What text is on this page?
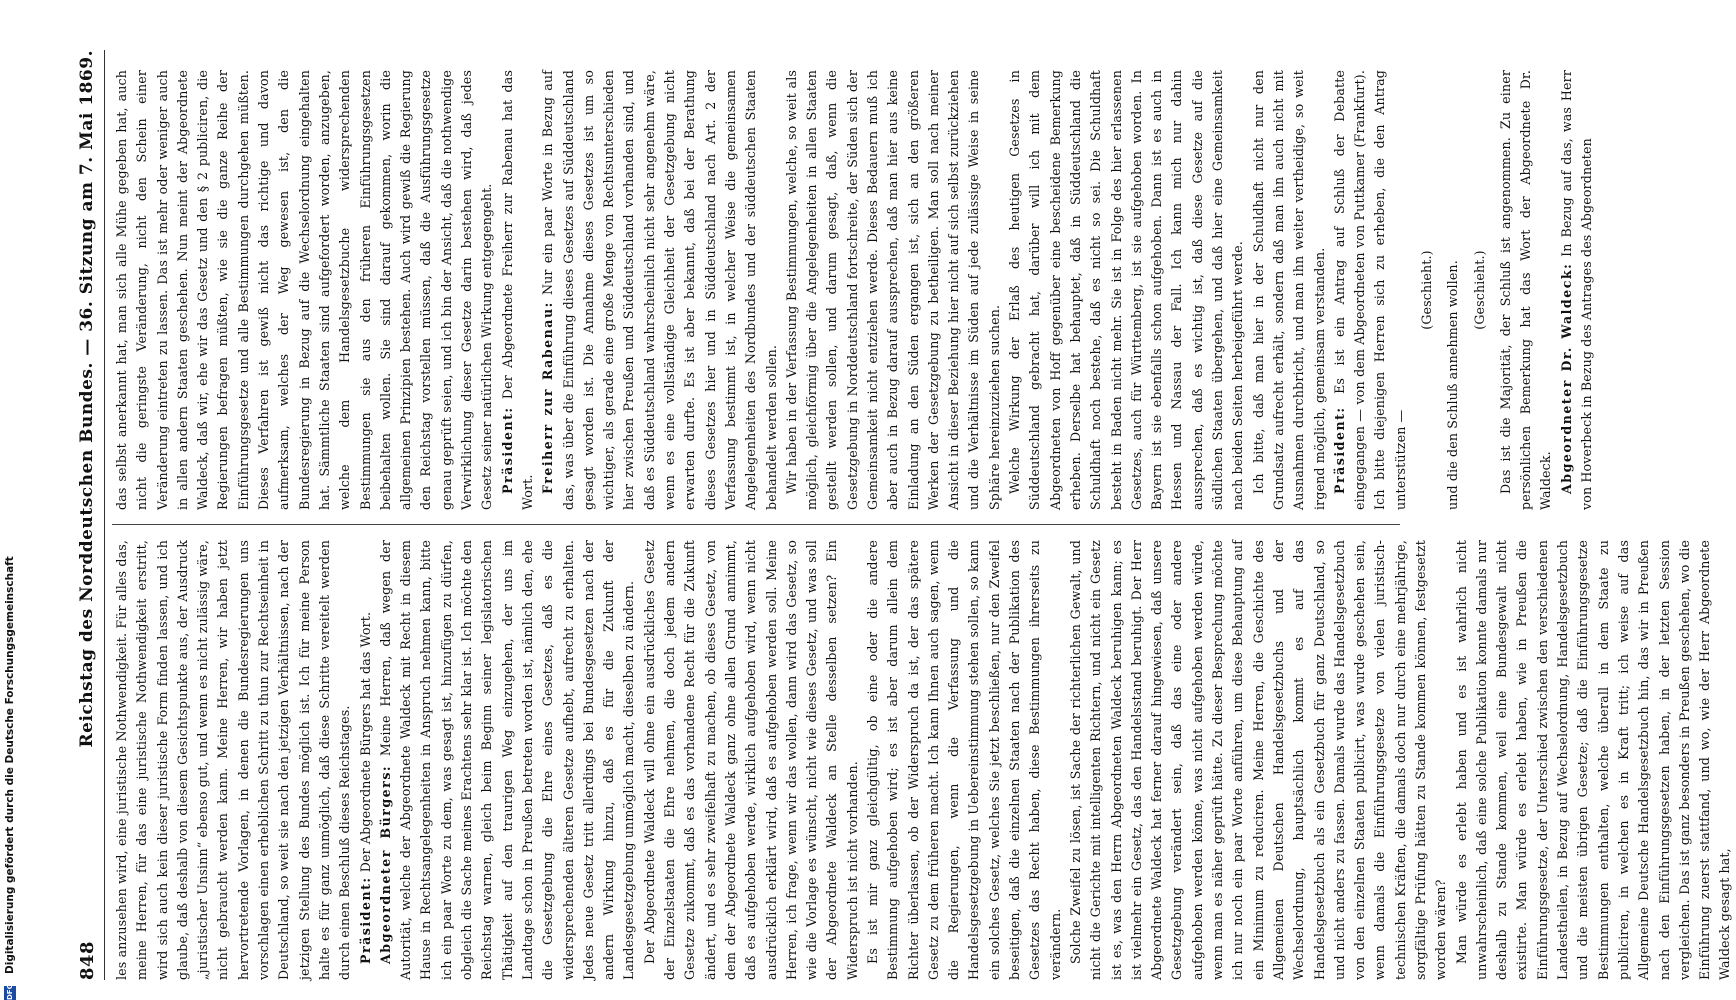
848
Reichstag des Norddeutschen Bundes. — 36. Sitzung am 7. Mai 1869.

les anzusehen wird, eine juristische Nothwendigkeit. Für alles das, meine Herren, für das eine juristische Nothwendigkeit erstritt, wird sich auch kein dieser juristische Form finden lassen, und ich glaube, daß deshalb von diesem Gesichtspunkte aus, der Ausdruck „juristischer Unsinn“ ebenso gut, und wenn es nicht zulässig wäre, nicht gebraucht werden kann. Meine Herren, wir haben jetzt hervortretende Vorlagen, in denen die Bundesregierungen uns vorschlagen einen erheblichen Schritt zu thun zur Rechtseinheit in Deutschland, so weit sie nach den jetzigen Verhältnissen, nach der jetzigen Stellung des Bundes möglich ist. Ich für meine Person halte es für ganz unmöglich, daß diese Schritte vereitelt werden durch einen Beschluß dieses Reichstages. Präsident: Der Abgeordnete Bürgers hat das Wort. Abgeordneter Bürgers: Meine Herren, daß wegen der Autorität, welche der Abgeordnete Waldeck mit Recht in diesem Hause in Rechtsangelegenheiten in Anspruch nehmen kann, bitte ich ein paar Worte zu dem, was gesagt ist, hinzufügen zu dürfen, obgleich die Sache meines Erachtens sehr klar ist. Ich möchte den Reichstag warnen, gleich beim Beginn seiner legislatorischen Thätigkeit auf den traurigen Weg einzugehen, der uns im Landtage schon in Preußen betreten worden ist, nämlich den, ehe die Gesetzgebung die Ehre eines Gesetzes, daß es die widersprechenden älteren Gesetze aufhebt, aufrecht zu erhalten. Jedes neue Gesetz tritt allerdings bei Bundesgesetzen nach der andern Wirkung hinzu, daß es für die Zukunft der Landesgesetzgebung unmöglich macht, dieselben zu ändern. Der Abgeordnete Waldeck will ohne ein ausdrückliches Gesetz der Einzelstaaten die Ehre nehmen, die doch jedem andern Gesetze zukommt, daß es das vorhandene Recht für die Zukunft ändert, und es sehr zweifelhaft zu machen, ob dieses Gesetz, von dem der Abgeordnete Waldeck ganz ohne allen Grund annimmt, daß es aufgehoben werde, wirklich aufgehoben wird, wenn nicht ausdrücklich erklärt wird, daß es aufgehoben werden soll. Meine Herren, ich frage, wenn wir das wollen, dann wird das Gesetz, so wie die Vorlage es wünscht, nicht wie dieses Gesetz, und was soll der Abgeordnete Waldeck an Stelle desselben setzen? Ein Widerspruch ist nicht vorhanden. Es ist mir ganz gleichgültig, ob eine oder die andere Bestimmung aufgehoben wird; es ist aber darum allein dem Richter überlassen, ob der Widerspruch da ist, der das spätere Gesetz zu dem früheren macht. Ich kann Ihnen auch sagen, wenn die Regierungen, wenn die Verfassung und die Handelsgesetzgebung in Uebereinstimmung stehen sollen, so kann ein solches Gesetz, welches Sie jetzt beschließen, nur den Zweifel beseitigen, daß die einzelnen Staaten nach der Publikation des Gesetzes das Recht haben, diese Bestimmungen ihrerseits zu verändern. Solche Zweifel zu lösen, ist Sache der richterlichen Gewalt, und nicht die Gerichte mit intelligenten Richtern, und nicht ein Gesetz ist es, was den Herrn Abgeordneten Waldeck beruhigen kann; es ist vielmehr ein Gesetz, das den Handelsstand beruhigt. Der Herr Abgeordnete Waldeck hat ferner darauf hingewiesen, daß unsere Gesetzgebung verändert sein, daß das eine oder andere aufgehoben werden könne, was nicht aufgehoben werden würde, wenn man es näher geprüft hätte. Zu dieser Besprechung möchte ich nur noch ein paar Worte anführen, um diese Behauptung auf ein Minimum zu reduciren. Meine Herren, die Geschichte des Allgemeinen Deutschen Handelsgesetzbuchs und der Wechselordnung, hauptsächlich kommt es auf das Handelsgesetzbuch als ein Gesetzbuch für ganz Deutschland, so und nicht anders zu fassen. Damals wurde das Handelsgesetzbuch von den einzelnen Staaten publicirt, was wurde geschehen sein, wenn damals die Einführungsgesetze von vielen juristisch-technischen Kräften, die damals doch nur durch eine mehrjährige, sorgfältige Prüfung hätten zu Stande kommen können, festgesetzt worden wären? Man würde es erlebt haben und es ist wahrlich nicht unwahrscheinlich, daß eine solche Publikation konnte damals nur deshalb zu Stande kommen, weil eine Bundesgewalt nicht existirte. Man würde es erlebt haben, wie in Preußen die Einführungsgesetze, der Unterschied zwischen den verschiedenen Landestheilen, in Bezug auf Wechselordnung, Handelsgesetzbuch und die meisten übrigen Gesetze; daß die Einführungsgesetze Bestimmungen enthalten, welche überall in dem Staate zu publiciren, in welchen es in Kraft tritt; ich weise auf das Allgemeine Deutsche Handelsgesetzbuch hin, das wir in Preußen nach den Einführungsgesetzen haben, in der letzten Session vergleichen. Das ist ganz besonders in Preußen geschehen, wo die Einführung zuerst stattfand, und wo, wie der Herr Abgeordnete Waldeck gesagt hat,

das selbst anerkannt hat, man sich alle Mühe gegeben hat, auch nicht die geringste Veränderung, nicht den Schein einer Veränderung eintreten zu lassen. Das ist mehr oder weniger auch in allen andern Staaten geschehen. Nun meint der Abgeordnete Waldeck, daß wir, ehe wir das Gesetz und den § 2 publiciren, die Regierungen befragen müßten, wie sie die ganze Reihe der Einführungsgesetze und alle Bestimmungen durchgehen müßten. Dieses Verfahren ist gewiß nicht das richtige und davon aufmerksam, welches der Weg gewesen ist, den die Bundesregierung in Bezug auf die Wechselordnung eingehalten hat. Sämmtliche Staaten sind aufgefordert worden, anzugeben, welche dem Handelsgesetzbuche widersprechenden Bestimmungen sie aus den früheren Einführungsgesetzen beibehalten wollen. Sie sind darauf gekommen, worin die allgemeinen Prinzipien bestehen. Auch wird gewiß die Regierung den Reichstag vorstellen müssen, daß die Ausführungsgesetze genau geprüft seien, und ich bin der Ansicht, daß die nothwendige Verwirklichung dieser Gesetze darin bestehen wird, daß jedes Gesetz seiner natürlichen Wirkung entgegengeht. Präsident: Der Abgeordnete Freiherr zur Rabenau hat das Wort. Freiherr zur Rabenau: Nur ein paar Worte in Bezug auf das, was über die Einführung dieses Gesetzes auf Süddeutschland gesagt worden ist. Die Annahme dieses Gesetzes ist um so wichtiger, als gerade eine große Menge von Rechtsunterschieden hier zwischen Preußen und Süddeutschland vorhanden sind, und daß es Süddeutschland wahrscheinlich nicht sehr angenehm wäre, wenn es eine vollständige Gleichheit der Gesetzgebung nicht erwarten durfte. Es ist aber bekannt, daß bei der Berathung dieses Gesetzes hier und in Süddeutschland nach Art. 2 der Verfassung bestimmt ist, in welcher Weise die gemeinsamen Angelegenheiten des Nordbundes und der süddeutschen Staaten behandelt werden sollen. Wir haben in der Verfassung Bestimmungen, welche, so weit als möglich, gleichförmig über die Angelegenheiten in allen Staaten gestellt werden sollen, und darum gesagt, daß, wenn die Gesetzgebung in Norddeutschland fortschreite, der Süden sich der Gemeinsamkeit nicht entziehen werde. Dieses Bedauern muß ich aber auch in Bezug darauf aussprechen, daß man hier aus keine Einladung an den Süden ergangen ist, sich an den größeren Werken der Gesetzgebung zu betheiligen. Man soll nach meiner Ansicht in dieser Beziehung hier nicht auf sich selbst zurückziehen und die Verhältnisse im Süden auf jede zulässige Weise in seine Sphäre hereinzuziehen suchen. Welche Wirkung der Erlaß des heutigen Gesetzes in Süddeutschland gebracht hat, darüber will ich mit dem Abgeordneten von Hoff gegenüber eine bescheidene Bemerkung erheben. Derselbe hat behauptet, daß in Süddeutschland die Schuldhaft noch bestehe, daß es nicht so sei. Die Schuldhaft besteht in Baden nicht mehr. Sie ist in Folge des hier erlassenen Gesetzes, auch für Württemberg, ist sie aufgehoben worden. In Bayern ist sie ebenfalls schon aufgehoben. Dann ist es auch in Hessen und Nassau der Fall. Ich kann mich nur dahin aussprechen, daß es wichtig ist, daß diese Gesetze auf die südlichen Staaten übergehen, und daß hier eine Gemeinsamkeit nach beiden Seiten herbeigeführt werde. Ich bitte, daß man hier in der Schuldhaft nicht nur den Grundsatz aufrecht erhält, sondern daß man ihn auch nicht mit Ausnahmen durchbricht, und man ihn weiter vertheidige, so weit irgend möglich, gemeinsam verstanden. Präsident: Es ist ein Antrag auf Schluß der Debatte eingegangen — von dem Abgeordneten von Puttkamer (Frankfurt). Ich bitte diejenigen Herren sich zu erheben, die den Antrag unterstützen —

(Geschieht.) und die den Schluß annehmen wollen. (Geschieht.) Das ist die Majorität, der Schluß ist angenommen. Zu einer persönlichen Bemerkung hat das Wort der Abgeordnete Dr. Waldeck. Abgeordneter Dr. Waldeck: In Bezug auf das, was Herr von Hoverbeck in Bezug des Antrages des Abgeordneten

DFG
Digitalisierung gefördert durch die Deutsche Forschungsgemeinschaft
